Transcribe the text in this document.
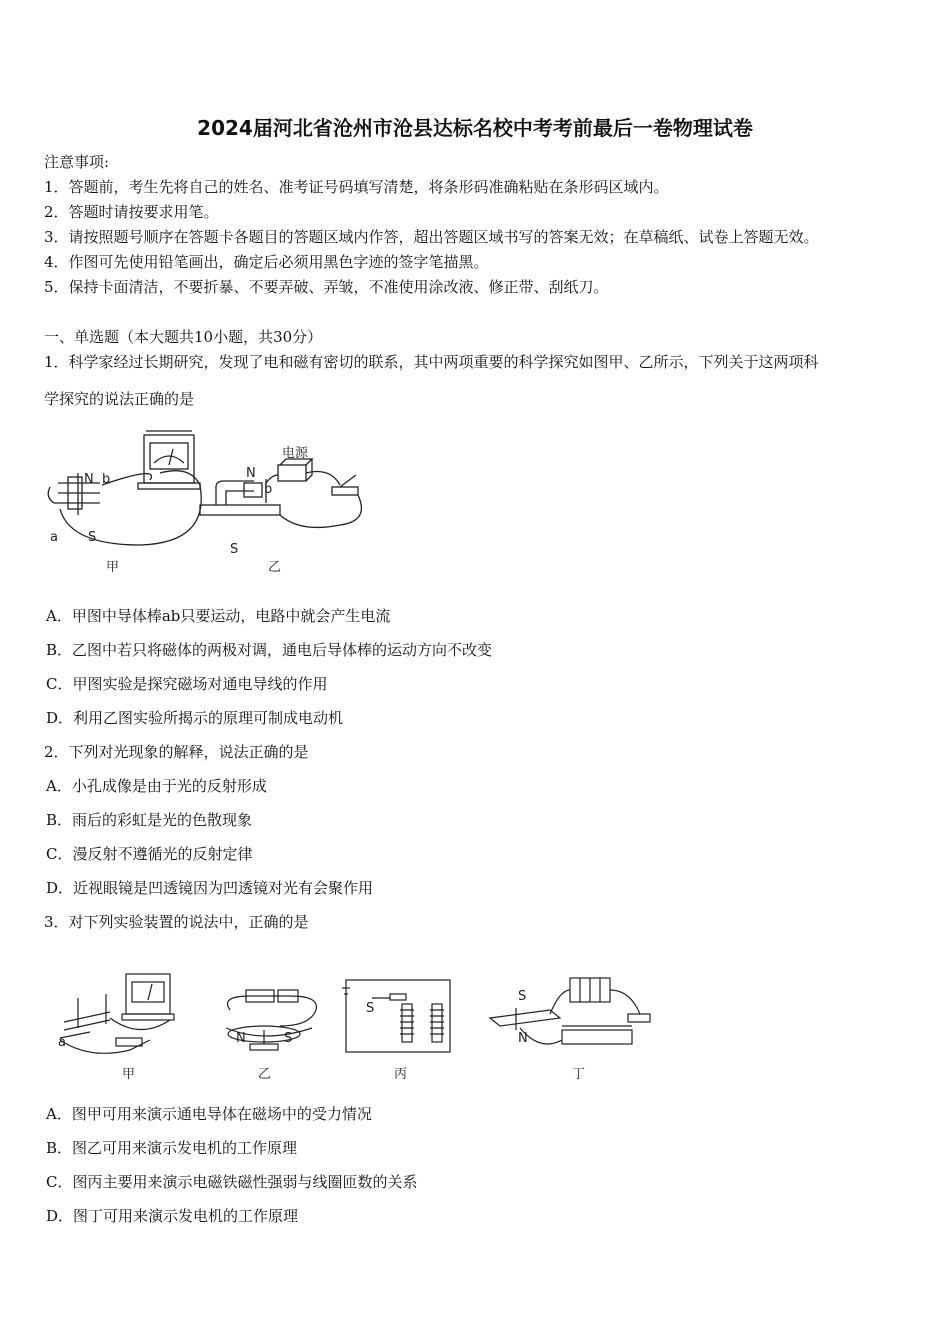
2024届河北省沧州市沧县达标名校中考考前最后一卷物理试卷
注意事项:
1．答题前，考生先将自己的姓名、准考证号码填写清楚，将条形码准确粘贴在条形码区域内。
2．答题时请按要求用笔。
3．请按照题号顺序在答题卡各题目的答题区域内作答，超出答题区域书写的答案无效；在草稿纸、试卷上答题无效。
4．作图可先使用铅笔画出，确定后必须用黑色字迹的签字笔描黑。
5．保持卡面清洁，不要折暴、不要弄破、弄皱，不准使用涂改液、修正带、刮纸刀。
一、单选题（本大题共10小题，共30分）
1．科学家经过长期研究，发现了电和磁有密切的联系，其中两项重要的科学探究如图甲、乙所示，下列关于这两项科
学探究的说法正确的是
N b
a S
甲
N
b
电源
S
乙
A．甲图中导体棒ab只要运动，电路中就会产生电流
B．乙图中若只将磁体的两极对调，通电后导体棒的运动方向不改变
C．甲图实验是探究磁场对通电导线的作用
D．利用乙图实验所揭示的原理可制成电动机
2．下列对光现象的解释，说法正确的是
A．小孔成像是由于光的反射形成
B．雨后的彩虹是光的色散现象
C．漫反射不遵循光的反射定律
D．近视眼镜是凹透镜因为凹透镜对光有会聚作用
3．对下列实验装置的说法中，正确的是
a	N	S
S
S
N
甲	乙	丙	丁
A．图甲可用来演示通电导体在磁场中的受力情况
B．图乙可用来演示发电机的工作原理
C．图丙主要用来演示电磁铁磁性强弱与线圈匝数的关系
D．图丁可用来演示发电机的工作原理
